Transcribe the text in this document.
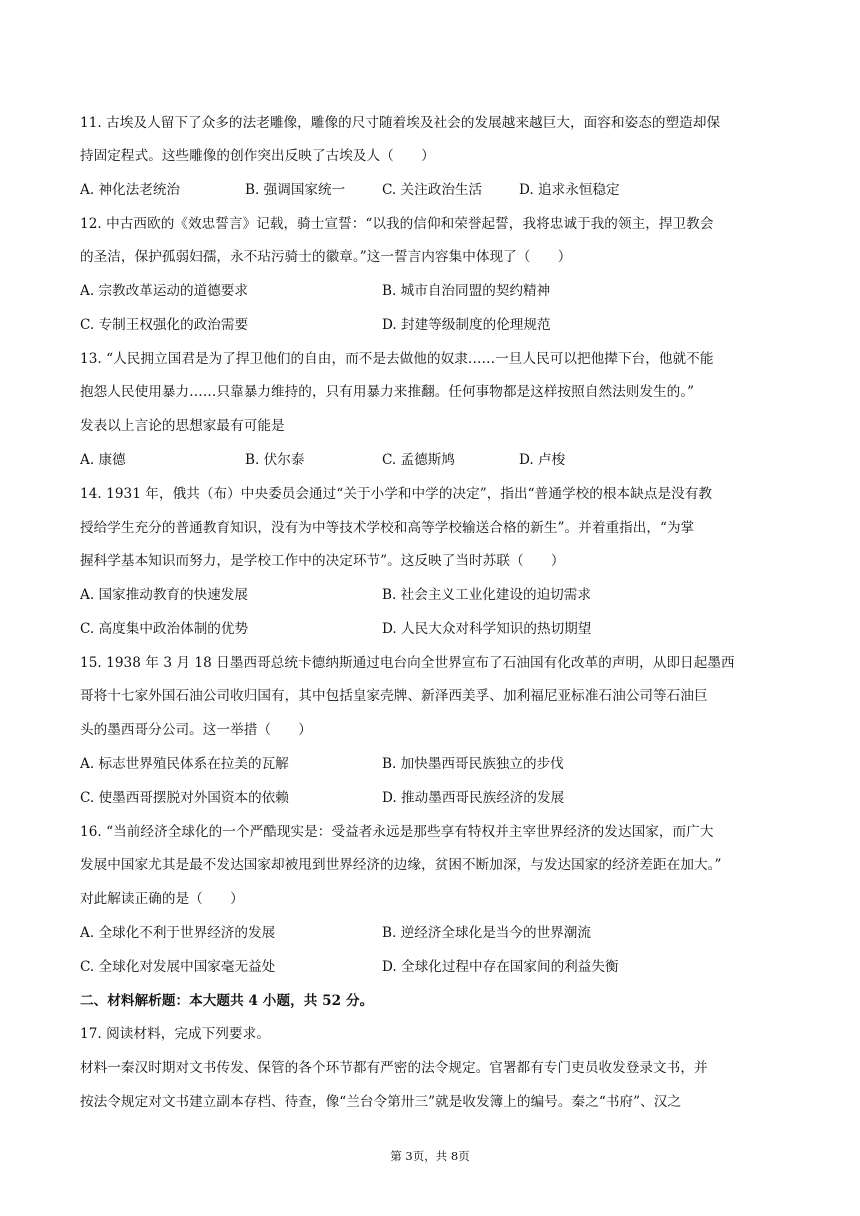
11. 古埃及人留下了众多的法老雕像，雕像的尺寸随着埃及社会的发展越来越巨大，面容和姿态的塑造却保
持固定程式。这些雕像的创作突出反映了古埃及人（　　）
A. 神化法老统治	B. 强调国家统一	C. 关注政治生活	D. 追求永恒稳定
12. 中古西欧的《效忠誓言》记载，骑士宣誓：“以我的信仰和荣誉起誓，我将忠诚于我的领主，捍卫教会
的圣洁，保护孤弱妇孺，永不玷污骑士的徽章。”这一誓言内容集中体现了（　　）
A. 宗教改革运动的道德要求	B. 城市自治同盟的契约精神
C. 专制王权强化的政治需要	D. 封建等级制度的伦理规范
13. “人民拥立国君是为了捍卫他们的自由，而不是去做他的奴隶……一旦人民可以把他撵下台，他就不能
抱怨人民使用暴力……只靠暴力维持的，只有用暴力来推翻。任何事物都是这样按照自然法则发生的。”
发表以上言论的思想家最有可能是
A. 康德	B. 伏尔泰	C. 孟德斯鸠	D. 卢梭
14. 1931 年，俄共（布）中央委员会通过“关于小学和中学的决定”，指出“普通学校的根本缺点是没有教
授给学生充分的普通教育知识，没有为中等技术学校和高等学校输送合格的新生”。并着重指出，“为掌
握科学基本知识而努力，是学校工作中的决定环节”。这反映了当时苏联（　　）
A. 国家推动教育的快速发展	B. 社会主义工业化建设的迫切需求
C. 高度集中政治体制的优势	D. 人民大众对科学知识的热切期望
15. 1938 年 3 月 18 日墨西哥总统卡德纳斯通过电台向全世界宣布了石油国有化改革的声明，从即日起墨西
哥将十七家外国石油公司收归国有，其中包括皇家壳牌、新泽西美孚、加利福尼亚标准石油公司等石油巨
头的墨西哥分公司。这一举措（　　）
A. 标志世界殖民体系在拉美的瓦解	B. 加快墨西哥民族独立的步伐
C. 使墨西哥摆脱对外国资本的依赖	D. 推动墨西哥民族经济的发展
16. “当前经济全球化的一个严酷现实是：受益者永远是那些享有特权并主宰世界经济的发达国家，而广大
发展中国家尤其是最不发达国家却被甩到世界经济的边缘，贫困不断加深，与发达国家的经济差距在加大。”
对此解读正确的是（　　）
A. 全球化不利于世界经济的发展	B. 逆经济全球化是当今的世界潮流
C. 全球化对发展中国家毫无益处	D. 全球化过程中存在国家间的利益失衡
二、材料解析题：本大题共 4 小题，共 52 分。
17. 阅读材料，完成下列要求。
材料一秦汉时期对文书传发、保管的各个环节都有严密的法令规定。官署都有专门吏员收发登录文书，并
按法令规定对文书建立副本存档、待查，像“兰台令第卅三”就是收发簿上的编号。秦之“书府”、汉之
第 3页，共 8页
